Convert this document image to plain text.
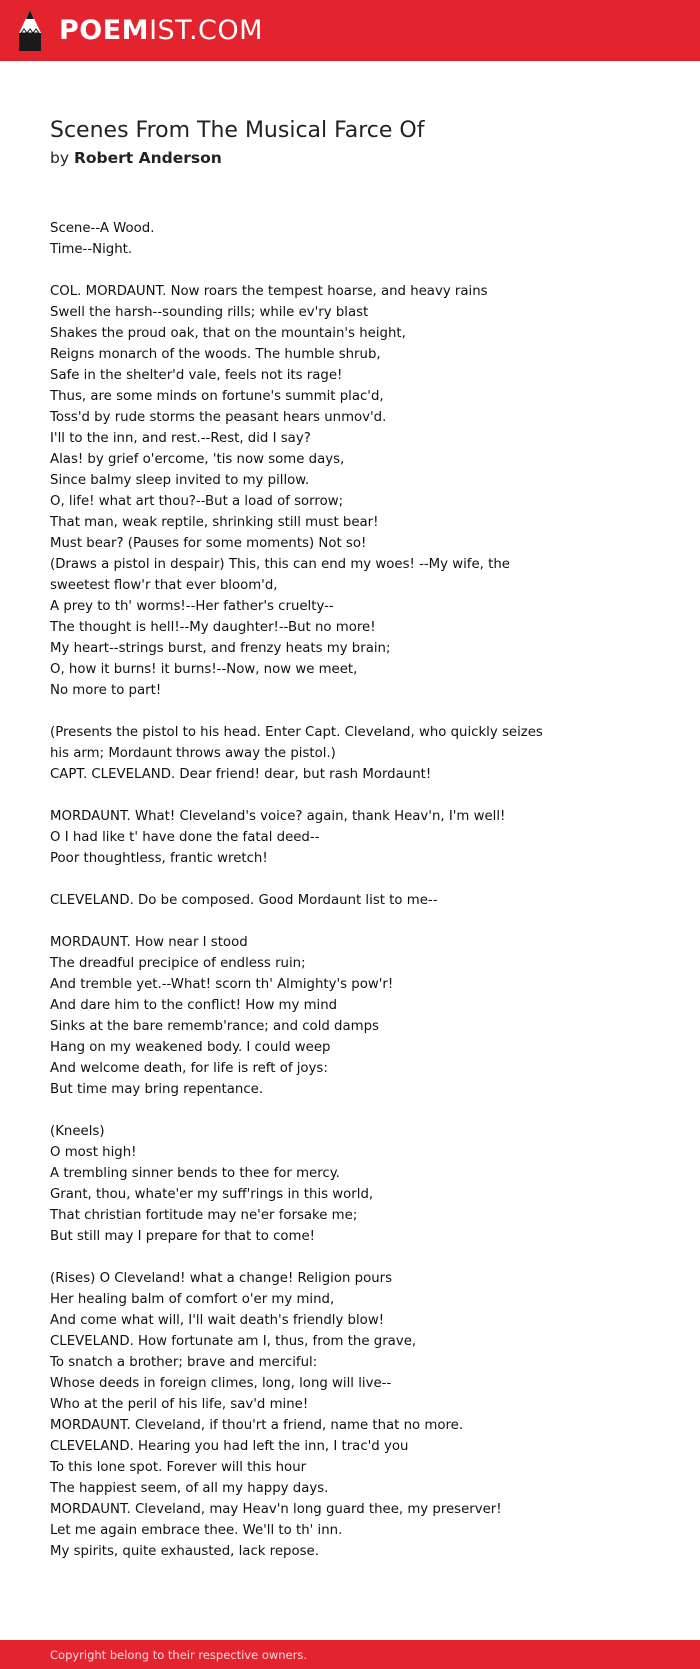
POEMIST.COM
Scenes From The Musical Farce Of
by Robert Anderson
Scene--A Wood.
Time--Night.
COL. MORDAUNT. Now roars the tempest hoarse, and heavy rains
Swell the harsh--sounding rills; while ev'ry blast
Shakes the proud oak, that on the mountain's height,
Reigns monarch of the woods. The humble shrub,
Safe in the shelter'd vale, feels not its rage!
Thus, are some minds on fortune's summit plac'd,
Toss'd by rude storms the peasant hears unmov'd.
I'll to the inn, and rest.--Rest, did I say?
Alas! by grief o'ercome, 'tis now some days,
Since balmy sleep invited to my pillow.
O, life! what art thou?--But a load of sorrow;
That man, weak reptile, shrinking still must bear!
Must bear? (Pauses for some moments) Not so!
(Draws a pistol in despair) This, this can end my woes! --My wife, the
sweetest flow'r that ever bloom'd,
A prey to th' worms!--Her father's cruelty--
The thought is hell!--My daughter!--But no more!
My heart--strings burst, and frenzy heats my brain;
O, how it burns! it burns!--Now, now we meet,
No more to part!
(Presents the pistol to his head. Enter Capt. Cleveland, who quickly seizes
his arm; Mordaunt throws away the pistol.)
CAPT. CLEVELAND. Dear friend! dear, but rash Mordaunt!
MORDAUNT. What! Cleveland's voice? again, thank Heav'n, I'm well!
O I had like t' have done the fatal deed--
Poor thoughtless, frantic wretch!
CLEVELAND. Do be composed. Good Mordaunt list to me--
MORDAUNT. How near I stood
The dreadful precipice of endless ruin;
And tremble yet.--What! scorn th' Almighty's pow'r!
And dare him to the conflict! How my mind
Sinks at the bare rememb'rance; and cold damps
Hang on my weakened body. I could weep
And welcome death, for life is reft of joys:
But time may bring repentance.
(Kneels)
O most high!
A trembling sinner bends to thee for mercy.
Grant, thou, whate'er my suff'rings in this world,
That christian fortitude may ne'er forsake me;
But still may I prepare for that to come!
(Rises) O Cleveland! what a change! Religion pours
Her healing balm of comfort o'er my mind,
And come what will, I'll wait death's friendly blow!
CLEVELAND. How fortunate am I, thus, from the grave,
To snatch a brother; brave and merciful:
Whose deeds in foreign climes, long, long will live--
Who at the peril of his life, sav'd mine!
MORDAUNT. Cleveland, if thou'rt a friend, name that no more.
CLEVELAND. Hearing you had left the inn, I trac'd you
To this lone spot. Forever will this hour
The happiest seem, of all my happy days.
MORDAUNT. Cleveland, may Heav'n long guard thee, my preserver!
Let me again embrace thee. We'll to th' inn.
My spirits, quite exhausted, lack repose.
Copyright belong to their respective owners.
